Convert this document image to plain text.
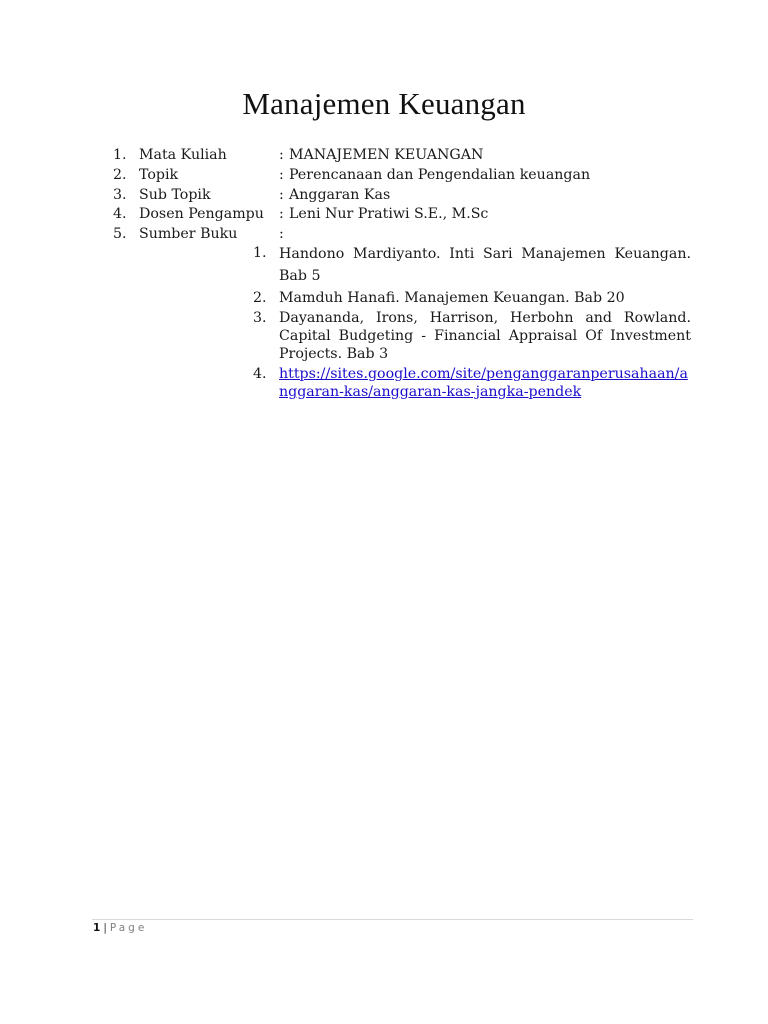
Manajemen Keuangan
1. Mata Kuliah	: MANAJEMEN KEUANGAN
2. Topik	: Perencanaan dan Pengendalian keuangan
3. Sub Topik	: Anggaran Kas
4. Dosen Pengampu	: Leni Nur Pratiwi S.E., M.Sc
5. Sumber Buku	:
1. Handono Mardiyanto. Inti Sari Manajemen Keuangan. Bab 5
2. Mamduh Hanafi. Manajemen Keuangan. Bab 20
3. Dayananda, Irons, Harrison, Herbohn and Rowland. Capital Budgeting - Financial Appraisal Of Investment Projects. Bab 3
4. https://sites.google.com/site/penganggaranperusahaan/anggaran-kas/anggaran-kas-jangka-pendek
1 | Page
